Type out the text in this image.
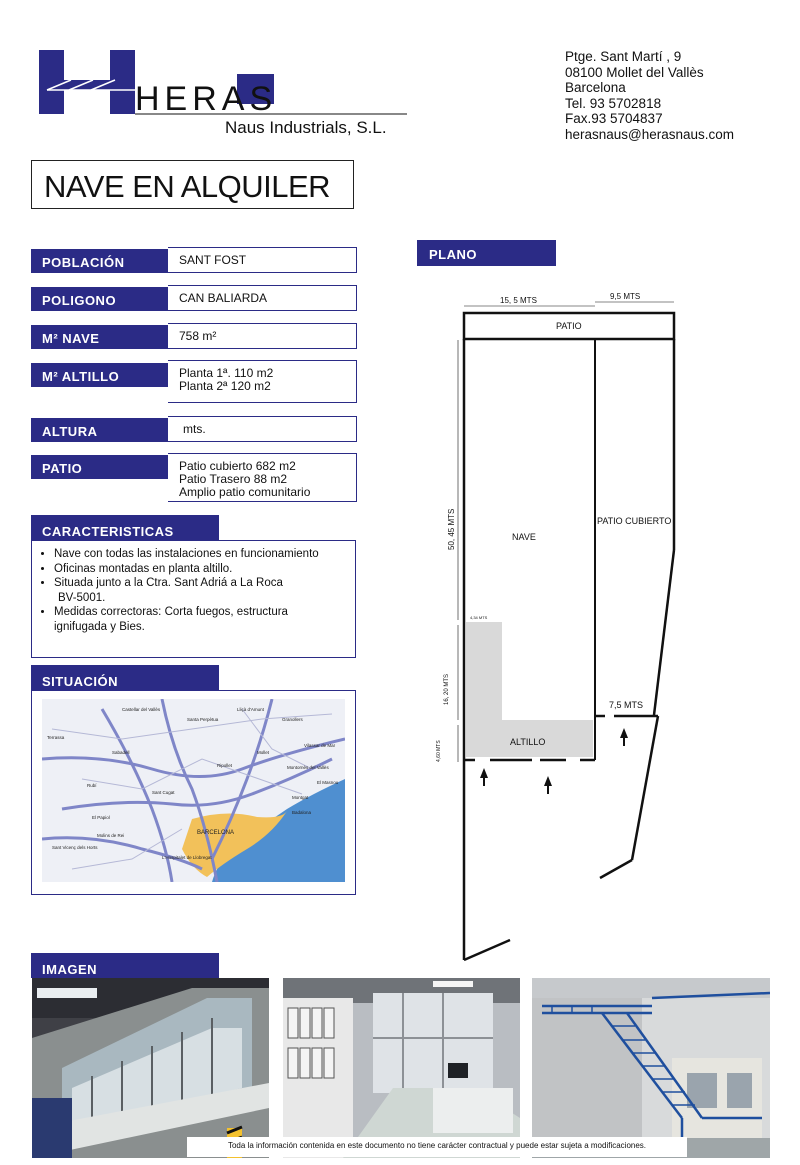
HERAS
Naus Industrials, S.L.
Ptge. Sant Martí , 9
08100 Mollet del Vallès
Barcelona
Tel. 93 5702818
Fax.93 5704837
herasnaus@herasnaus.com
NAVE EN ALQUILER
POBLACIÓN	SANT FOST
POLIGONO	CAN BALIARDA
M² NAVE	758 m²
M² ALTILLO	Planta 1ª. 110 m2
Planta 2ª 120 m2
ALTURA	mts.
PATIO	Patio cubierto 682 m2
Patio Trasero 88 m2
Amplio patio comunitario
CARACTERISTICAS
• Nave con todas las instalaciones en funcionamiento
• Oficinas montadas en planta altillo.
• Situada junto a la Ctra. Sant Adriá a La Roca
BV-5001.
• Medidas correctoras: Corta fuegos, estructura
ignifugada y Bies.
SITUACIÓN
Castellar del Vallès
Santa Perpètua
Lliçà d'Amunt
Granollers
Sabadell
Terrassa
Mollet
Ripollet
Badalona
BARCELONA
Montgat
El Masnou
Rubí
Sant Cugat
El Papiol
Molins de Rei
Sant Vicenç dels Horts
L'Hospitalet de Llobregat
Montornès del Vallès
Vilassar de Mar
PLANO
15, 5 MTS	9,5 MTS
PATIO
NAVE
PATIO CUBIERTO
ALTILLO
7,5 MTS
4,34 MTS
50, 45 MTS
16, 20 MTS
4,60 MTS
IMAGEN
Toda la información contenida en este documento no tiene carácter contractual y puede estar sujeta a modificaciones.
